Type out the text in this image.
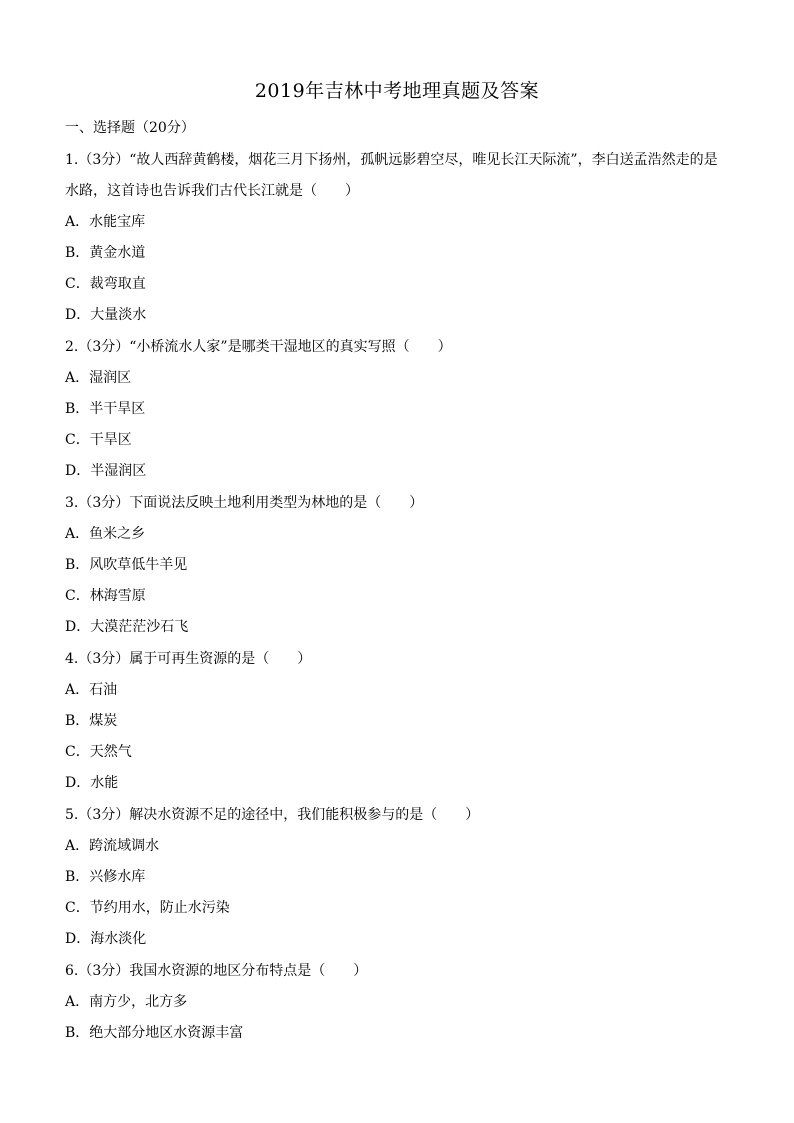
2019年吉林中考地理真题及答案
一、选择题（20分）
1.（3分）“故人西辞黄鹤楼，烟花三月下扬州，孤帆远影碧空尽，唯见长江天际流”，李白送孟浩然走的是
水路，这首诗也告诉我们古代长江就是（　　）
A．水能宝库
B．黄金水道
C．裁弯取直
D．大量淡水
2.（3分）“小桥流水人家”是哪类干湿地区的真实写照（　　）
A．湿润区
B．半干旱区
C．干旱区
D．半湿润区
3.（3分）下面说法反映土地利用类型为林地的是（　　）
A．鱼米之乡
B．风吹草低牛羊见
C．林海雪原
D．大漠茫茫沙石飞
4.（3分）属于可再生资源的是（　　）
A．石油
B．煤炭
C．天然气
D．水能
5.（3分）解决水资源不足的途径中，我们能积极参与的是（　　）
A．跨流域调水
B．兴修水库
C．节约用水，防止水污染
D．海水淡化
6.（3分）我国水资源的地区分布特点是（　　）
A．南方少，北方多
B．绝大部分地区水资源丰富
